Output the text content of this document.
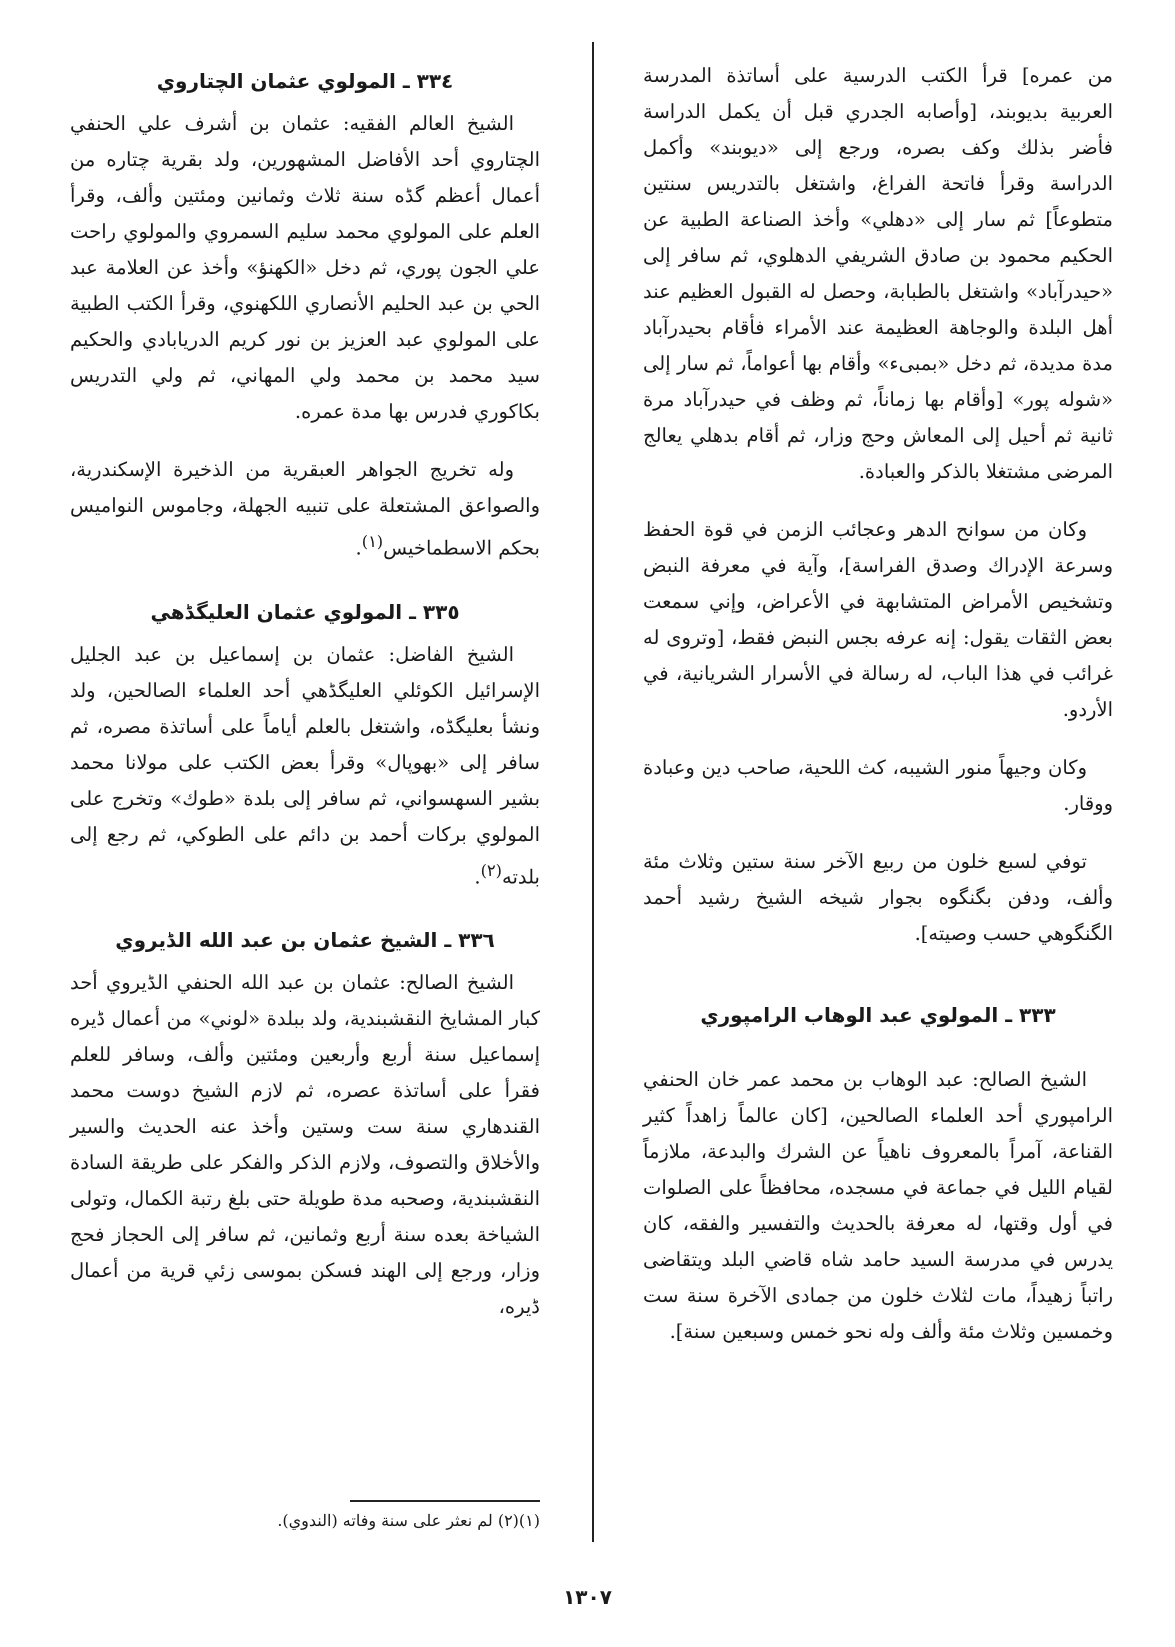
من عمره] قرأ الكتب الدرسية على أساتذة المدرسة العربية بديوبند، [وأصابه الجدري قبل أن يكمل الدراسة فأضر بذلك وكف بصره، ورجع إلى «ديوبند» وأكمل الدراسة وقرأ فاتحة الفراغ، واشتغل بالتدريس سنتين متطوعاً] ثم سار إلى «دهلي» وأخذ الصناعة الطبية عن الحكيم محمود بن صادق الشريفي الدهلوي، ثم سافر إلى «حيدرآباد» واشتغل بالطبابة، وحصل له القبول العظيم عند أهل البلدة والوجاهة العظيمة عند الأمراء فأقام بحيدرآباد مدة مديدة، ثم دخل «بمبىء» وأقام بها أعواماً، ثم سار إلى «شوله پور» [وأقام بها زماناً، ثم وظف في حيدرآباد مرة ثانية ثم أحيل إلى المعاش وحج وزار، ثم أقام بدهلي يعالج المرضى مشتغلا بالذكر والعبادة.

وكان من سوانح الدهر وعجائب الزمن في قوة الحفظ وسرعة الإدراك وصدق الفراسة]، وآية في معرفة النبض وتشخيص الأمراض المتشابهة في الأعراض، وإني سمعت بعض الثقات يقول: إنه عرفه بجس النبض فقط، [وتروى له غرائب في هذا الباب، له رسالة في الأسرار الشريانية، في الأردو.

وكان وجيهاً منور الشيبه، كث اللحية، صاحب دين وعبادة ووقار.

توفي لسبع خلون من ربيع الآخر سنة ستين وثلاث مئة وألف، ودفن بگنگوه بجوار شيخه الشيخ رشيد أحمد الگنگوهي حسب وصيته].

٣٣٣ ـ المولوي عبد الوهاب الرامپوري

الشيخ الصالح: عبد الوهاب بن محمد عمر خان الحنفي الرامپوري أحد العلماء الصالحين، [كان عالماً زاهداً كثير القناعة، آمراً بالمعروف ناهياً عن الشرك والبدعة، ملازماً لقيام الليل في جماعة في مسجده، محافظاً على الصلوات في أول وقتها، له معرفة بالحديث والتفسير والفقه، كان يدرس في مدرسة السيد حامد شاه قاضي البلد ويتقاضى راتباً زهيداً، مات لثلاث خلون من جمادى الآخرة سنة ست وخمسين وثلاث مئة وألف وله نحو خمس وسبعين سنة].

٣٣٤ ـ المولوي عثمان الچتاروي

الشيخ العالم الفقيه: عثمان بن أشرف علي الحنفي الچتاروي أحد الأفاضل المشهورين، ولد بقرية چتاره من أعمال أعظم گڈه سنة ثلاث وثمانين ومئتين وألف، وقرأ العلم على المولوي محمد سليم السمروي والمولوي راحت علي الجون پوري، ثم دخل «الكهنؤ» وأخذ عن العلامة عبد الحي بن عبد الحليم الأنصاري اللكهنوي، وقرأ الكتب الطبية على المولوي عبد العزيز بن نور كريم الدريابادي والحكيم سيد محمد بن محمد ولي المهاني، ثم ولي التدريس بكاكوري فدرس بها مدة عمره.

وله تخريج الجواهر العبقرية من الذخيرة الإسكندرية، والصواعق المشتعلة على تنبيه الجهلة، وجاموس النواميس بحكم الاسطماخيس$^{(١)}$.

٣٣٥ ـ المولوي عثمان العليگڈهي

الشيخ الفاضل: عثمان بن إسماعيل بن عبد الجليل الإسرائيل الكوئلي العليگڈهي أحد العلماء الصالحين، ولد ونشأ بعليگڈه، واشتغل بالعلم أياماً على أساتذة مصره، ثم سافر إلى «بهوپال» وقرأ بعض الكتب على مولانا محمد بشير السهسواني، ثم سافر إلى بلدة «طوك» وتخرج على المولوي بركات أحمد بن دائم على الطوكي، ثم رجع إلى بلدته$^{(٢)}$.

٣٣٦ ـ الشيخ عثمان بن عبد الله الڈيروي

الشيخ الصالح: عثمان بن عبد الله الحنفي الڈيروي أحد كبار المشايخ النقشبندية، ولد ببلدة «لوني» من أعمال ڈيره إسماعيل سنة أربع وأربعين ومئتين وألف، وسافر للعلم فقرأ على أساتذة عصره، ثم لازم الشيخ دوست محمد القندهاري سنة ست وستين وأخذ عنه الحديث والسير والأخلاق والتصوف، ولازم الذكر والفكر على طريقة السادة النقشبندية، وصحبه مدة طويلة حتى بلغ رتبة الكمال، وتولى الشياخة بعده سنة أربع وثمانين، ثم سافر إلى الحجاز فحج وزار، ورجع إلى الهند فسكن بموسى زئي قرية من أعمال ڈيره،

(١)(٢) لم نعثر على سنة وفاته (الندوي).
١٣٠٧
